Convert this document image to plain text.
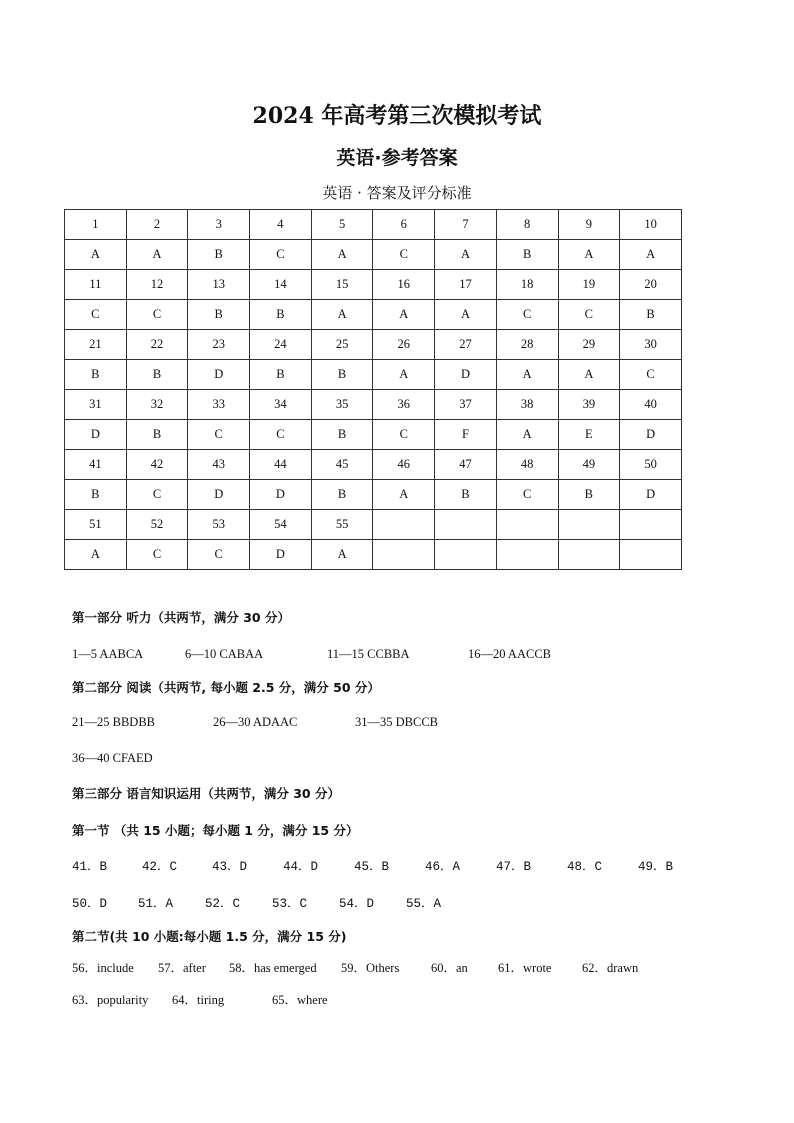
2024 年高考第三次模拟考试
英语·参考答案
英语 · 答案及评分标准
1	2	3	4	5	6	7	8	9	10
A	A	B	C	A	C	A	B	A	A
11	12	13	14	15	16	17	18	19	20
C	C	B	B	A	A	A	C	C	B
21	22	23	24	25	26	27	28	29	30
B	B	D	B	B	A	D	A	A	C
31	32	33	34	35	36	37	38	39	40
D	B	C	C	B	C	F	A	E	D
41	42	43	44	45	46	47	48	49	50
B	C	D	D	B	A	B	C	B	D
51	52	53	54	55					
A	C	C	D	A					
第一部分 听力（共两节，满分 30 分）
1—5 AABCA	6—10 CABAA	11—15 CCBBA	16—20 AACCB
第二部分 阅读（共两节, 每小题 2.5 分，满分 50 分）
21—25 BBDBB	26—30 ADAAC	31—35 DBCCB
36—40 CFAED
第三部分 语言知识运用（共两节，满分 30 分）
第一节 （共 15 小题；每小题 1 分，满分 15 分）
41．B	42．C	43．D	44．D	45．B	46．A	47．B	48．C	49．B
50．D 51．A	52．C	53．C	54．D	55．A
第二节(共 10 小题:每小题 1.5 分，满分 15 分)
56．include 57．after 58．has emerged 59．Others	60．an 61．wrote 62．drawn
63．popularity 64．tiring	65．where
